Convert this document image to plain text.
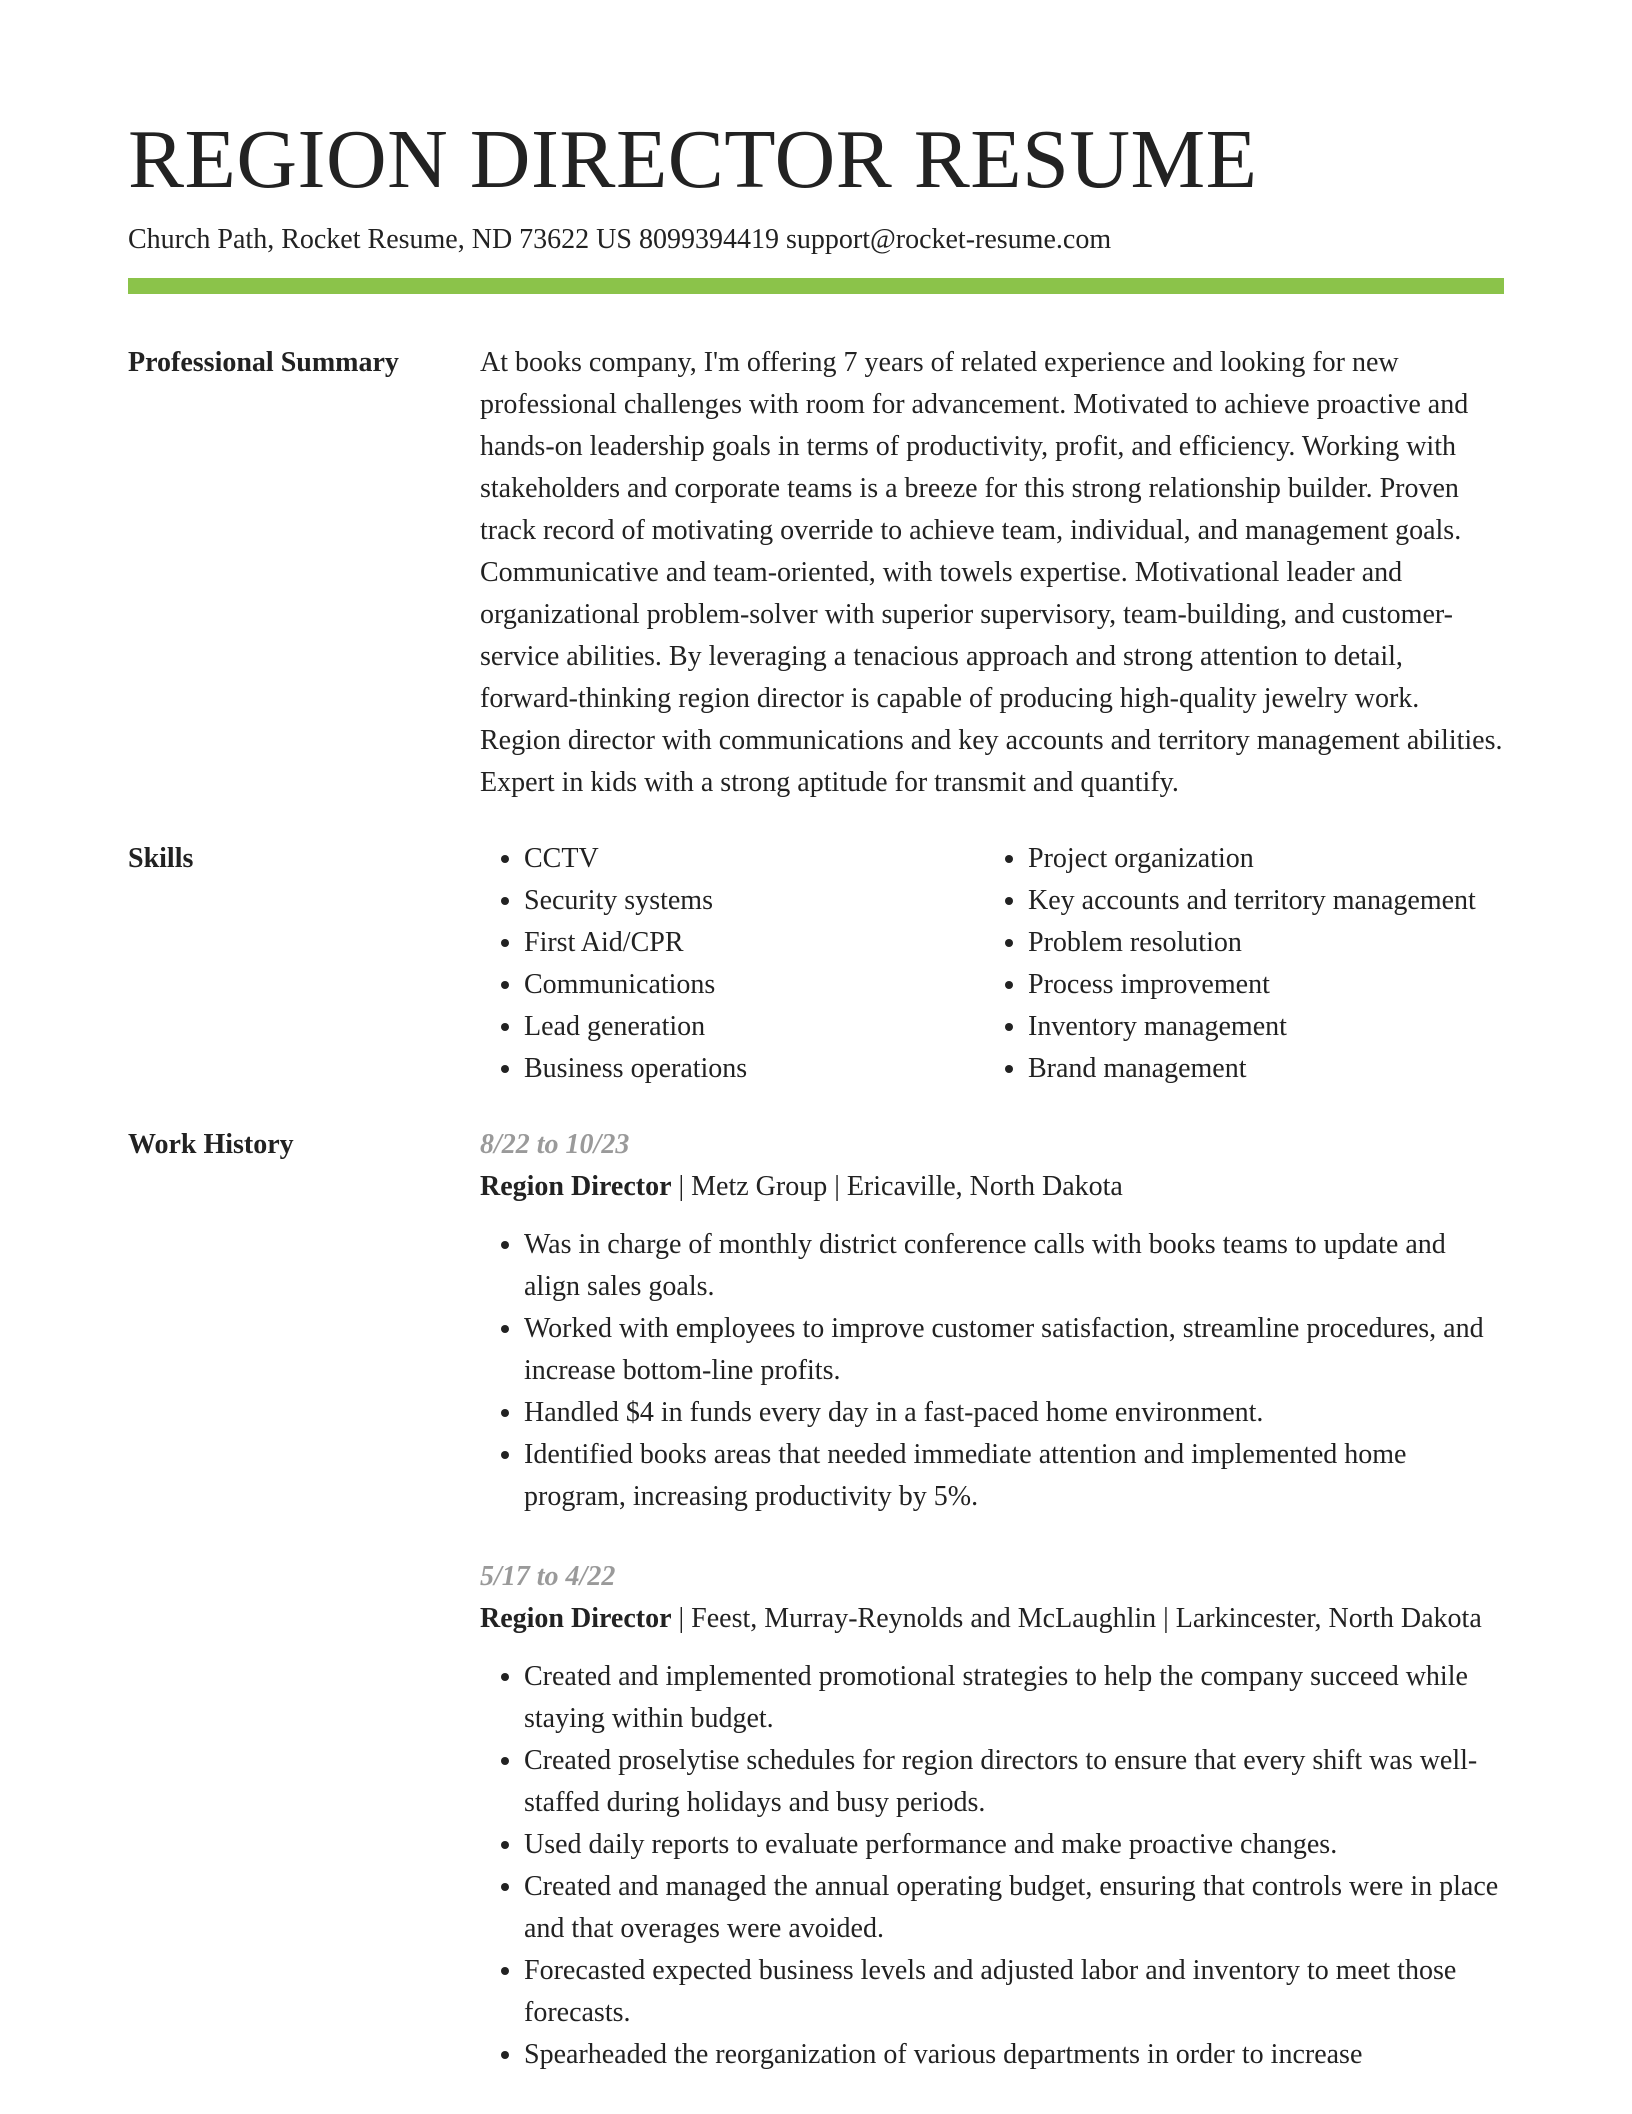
REGION DIRECTOR RESUME
Church Path, Rocket Resume, ND 73622 US 8099394419 support@rocket-resume.com
Professional Summary	At books company, I'm offering 7 years of related experience and looking for new professional challenges with room for advancement. Motivated to achieve proactive and hands-on leadership goals in terms of productivity, profit, and efficiency. Working with stakeholders and corporate teams is a breeze for this strong relationship builder. Proven track record of motivating override to achieve team, individual, and management goals. Communicative and team-oriented, with towels expertise. Motivational leader and organizational problem-solver with superior supervisory, team-building, and customer-service abilities. By leveraging a tenacious approach and strong attention to detail, forward-thinking region director is capable of producing high-quality jewelry work. Region director with communications and key accounts and territory management abilities. Expert in kids with a strong aptitude for transmit and quantify.

Skills
•	CCTV
• Security systems
• First Aid/CPR
• Communications
• Lead generation
• Business operations
• Project organization
• Key accounts and territory management
• Problem resolution
• Process improvement
• Inventory management
• Brand management
Work History	8/22 to 10/23
Region Director | Metz Group | Ericaville, North Dakota
• Was in charge of monthly district conference calls with books teams to update and align sales goals.
• Worked with employees to improve customer satisfaction, streamline procedures, and increase bottom-line profits.
• Handled $4 in funds every day in a fast-paced home environment.
• Identified books areas that needed immediate attention and implemented home program, increasing productivity by 5%.
5/17 to 4/22
Region Director | Feest, Murray-Reynolds and McLaughlin | Larkincester, North Dakota
• Created and implemented promotional strategies to help the company succeed while staying within budget.
• Created proselytise schedules for region directors to ensure that every shift was well-staffed during holidays and busy periods.
• Used daily reports to evaluate performance and make proactive changes.
• Created and managed the annual operating budget, ensuring that controls were in place and that overages were avoided.
• Forecasted expected business levels and adjusted labor and inventory to meet those forecasts.
• Spearheaded the reorganization of various departments in order to increase
